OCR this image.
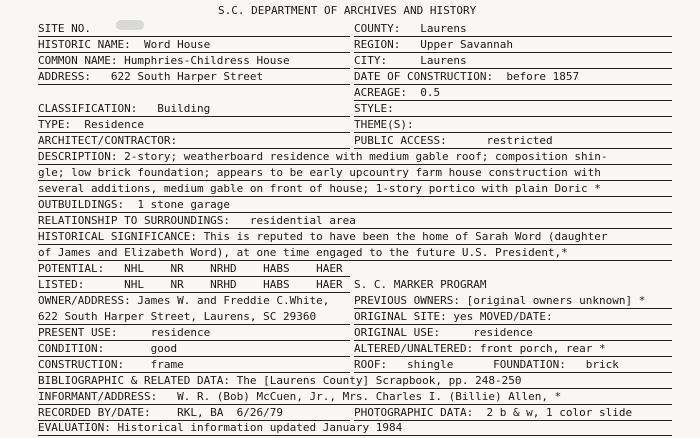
S.C. DEPARTMENT OF ARCHIVES AND HISTORY
SITE NO.	COUNTY:   Laurens
HISTORIC NAME:  Word House	REGION:   Upper Savannah
COMMON NAME: Humphries-Childress House	CITY:     Laurens
ADDRESS:   622 South Harper Street	DATE OF CONSTRUCTION:  before 1857
ACREAGE:  0.5
CLASSIFICATION:   Building	STYLE:
TYPE:  Residence	THEME(S):
ARCHITECT/CONTRACTOR:	PUBLIC ACCESS:      restricted
DESCRIPTION: 2-story; weatherboard residence with medium gable roof; composition shin-
gle; low brick foundation; appears to be early upcountry farm house construction with
several additions, medium gable on front of house; 1-story portico with plain Doric *
OUTBUILDINGS:  1 stone garage
RELATIONSHIP TO SURROUNDINGS:   residential area
HISTORICAL SIGNIFICANCE: This is reputed to have been the home of Sarah Word (daughter
of James and Elizabeth Word), at one time engaged to the future U.S. President,*
POTENTIAL:   NHL    NR    NRHD    HABS    HAER
LISTED:      NHL    NR    NRHD    HABS    HAER S. C. MARKER PROGRAM
OWNER/ADDRESS: James W. and Freddie C.White, PREVIOUS OWNERS: [original owners unknown] *
622 South Harper Street, Laurens, SC 29360	ORIGINAL SITE: yes MOVED/DATE:
PRESENT USE:     residence	ORIGINAL USE:     residence
CONDITION:       good	ALTERED/UNALTERED: front porch, rear *
CONSTRUCTION:    frame	ROOF:   shingle      FOUNDATION:   brick
BIBLIOGRAPHIC & RELATED DATA: The [Laurens County] Scrapbook, pp. 248-250
INFORMANT/ADDRESS:   W. R. (Bob) McCuen, Jr., Mrs. Charles I. (Billie) Allen, *
RECORDED BY/DATE:    RKL, BA  6/26/79	PHOTOGRAPHIC DATA:  2 b & w, 1 color slide
EVALUATION: Historical information updated January 1984
